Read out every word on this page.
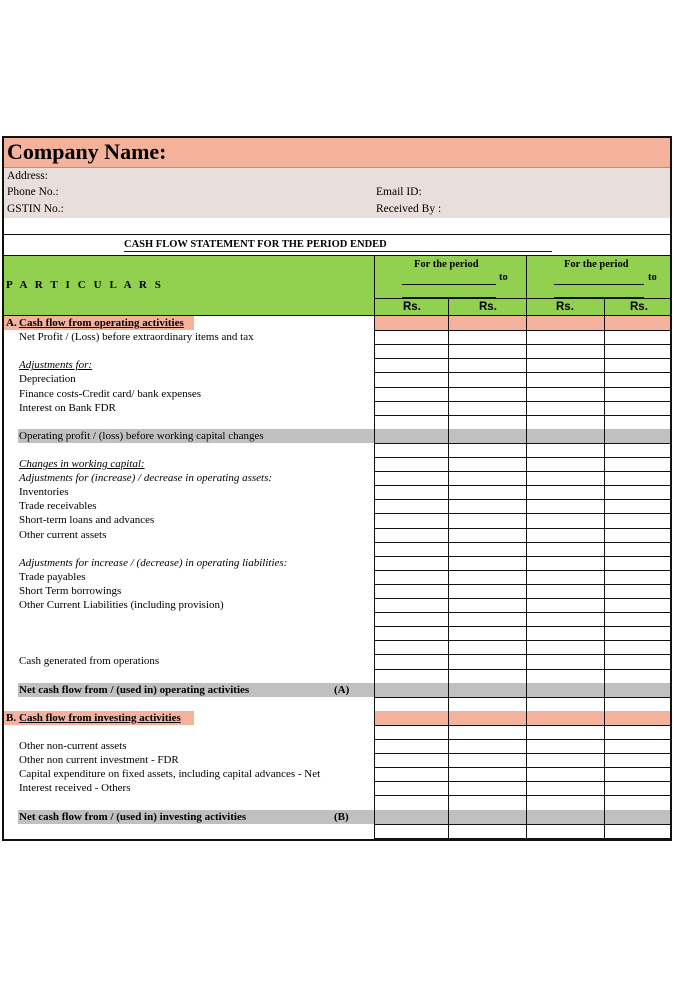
Company Name:
Address:
Phone No.:	Email ID:
GSTIN No.:	Received By :
CASH FLOW STATEMENT FOR THE PERIOD ENDED
P A R T I C U L A R S
For the period
to
Rs.	Rs.
For the period
to
Rs.	Rs.
A. Cash flow from operating activities
Net Profit / (Loss) before extraordinary items and tax
Adjustments for:
Depreciation
Finance costs-Credit card/ bank expenses
Interest on Bank FDR
Operating profit / (loss) before working capital changes
Changes in working capital:
Adjustments for (increase) / decrease in operating assets:
Inventories
Trade receivables
Short-term loans and advances
Other current assets
Adjustments for increase / (decrease) in operating liabilities:
Trade payables
Short Term borrowings
Other Current Liabilities (including provision)
Cash generated from operations
Net cash flow from / (used in) operating activities	(A)
B. Cash flow from investing activities
Other non-current assets
Other non current investment - FDR
Capital expenditure on fixed assets, including capital advances - Net
Interest received - Others
Net cash flow from / (used in) investing activities	(B)
